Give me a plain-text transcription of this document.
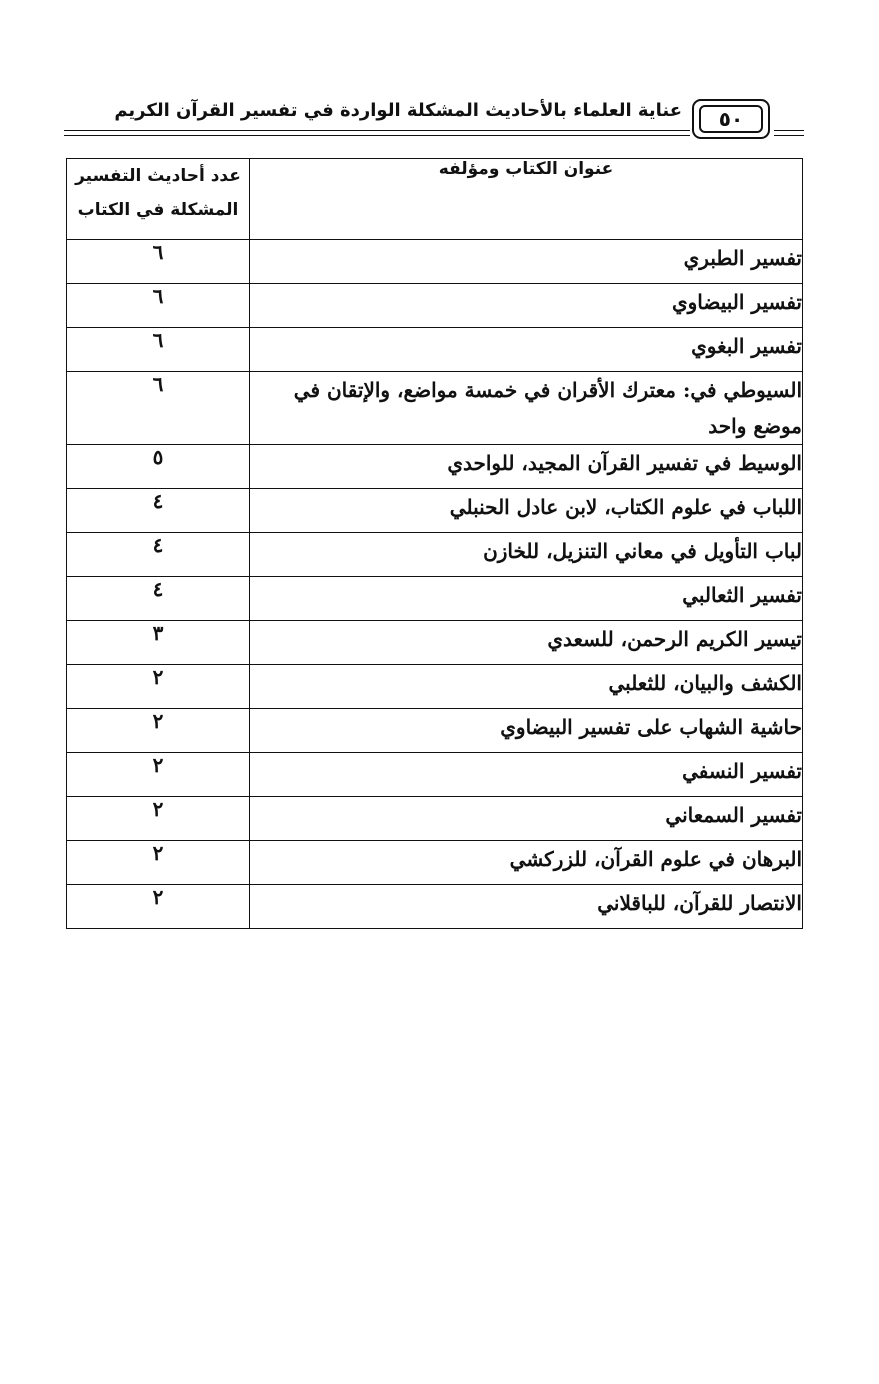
٥٠
عناية العلماء بالأحاديث المشكلة الواردة في تفسير القرآن الكريم
عنوان الكتاب ومؤلفه	عدد أحاديث التفسير
المشكلة في الكتاب

تفسير الطبري	٦
تفسير البيضاوي	٦
تفسير البغوي	٦
السيوطي في: معترك الأقران في خمسة مواضع، والإتقان في موضع واحد	٦
الوسيط في تفسير القرآن المجيد، للواحدي	٥
اللباب في علوم الكتاب، لابن عادل الحنبلي	٤
لباب التأويل في معاني التنزيل، للخازن	٤
تفسير الثعالبي	٤
تيسير الكريم الرحمن، للسعدي	٣
الكشف والبيان، للثعلبي	٢
حاشية الشهاب على تفسير البيضاوي	٢
تفسير النسفي	٢
تفسير السمعاني	٢
البرهان في علوم القرآن، للزركشي	٢
الانتصار للقرآن، للباقلاني	٢
